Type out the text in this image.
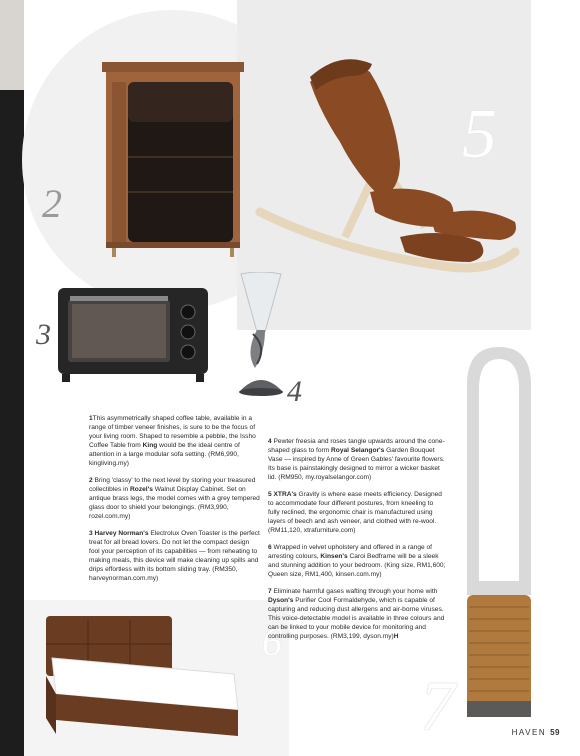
2
5
3
4
7
6

1This asymmetrically shaped coffee table, available in a range of timber veneer finishes, is sure to be the focus of your living room. Shaped to resemble a pebble, the Issho Coffee Table from King would be the ideal centre of attention in a large modular sofa setting. (RM6,990, kingliving.my)

2 Bring 'classy' to the next level by storing your treasured collectibles in Rozel's Walnut Display Cabinet. Set on antique brass legs, the model comes with a grey tempered glass door to shield your belongings. (RM3,990, rozel.com.my)

3 Harvey Norman's Electrolux Oven Toaster is the perfect treat for all bread lovers. Do not let the compact design fool your perception of its capabilities — from reheating to making meals, this device will make cleaning up spills and drips effortless with its bottom sliding tray. (RM350, harveynorman.com.my)

4 Pewter freesia and roses tangle upwards around the cone-shaped glass to form Royal Selangor's Garden Bouquet Vase — inspired by Anne of Green Gables' favourite flowers. Its base is painstakingly designed to mirror a wicker basket lid. (RM950, my.royalselangor.com)

5 XTRA's Gravity is where ease meets efficiency. Designed to accommodate four different postures, from kneeling to fully reclined, the ergonomic chair is manufactured using layers of beech and ash veneer, and clothed with re-wool. (RM11,120, xtrafurniture.com)

6 Wrapped in velvet upholstery and offered in a range of arresting colours, Kinsen's Caroi Bedframe will be a sleek and stunning addition to your bedroom. (King size, RM1,600; Queen size, RM1,400, kinsen.com.my)

7 Eliminate harmful gases wafting through your home with Dyson's Purifier Cool Formaldehyde, which is capable of capturing and reducing dust allergens and air-borne viruses. This voice-detectable model is available in three colours and can be linked to your mobile device for monitoring and controlling purposes. (RM3,199, dyson.my)H

HAVEN 59
